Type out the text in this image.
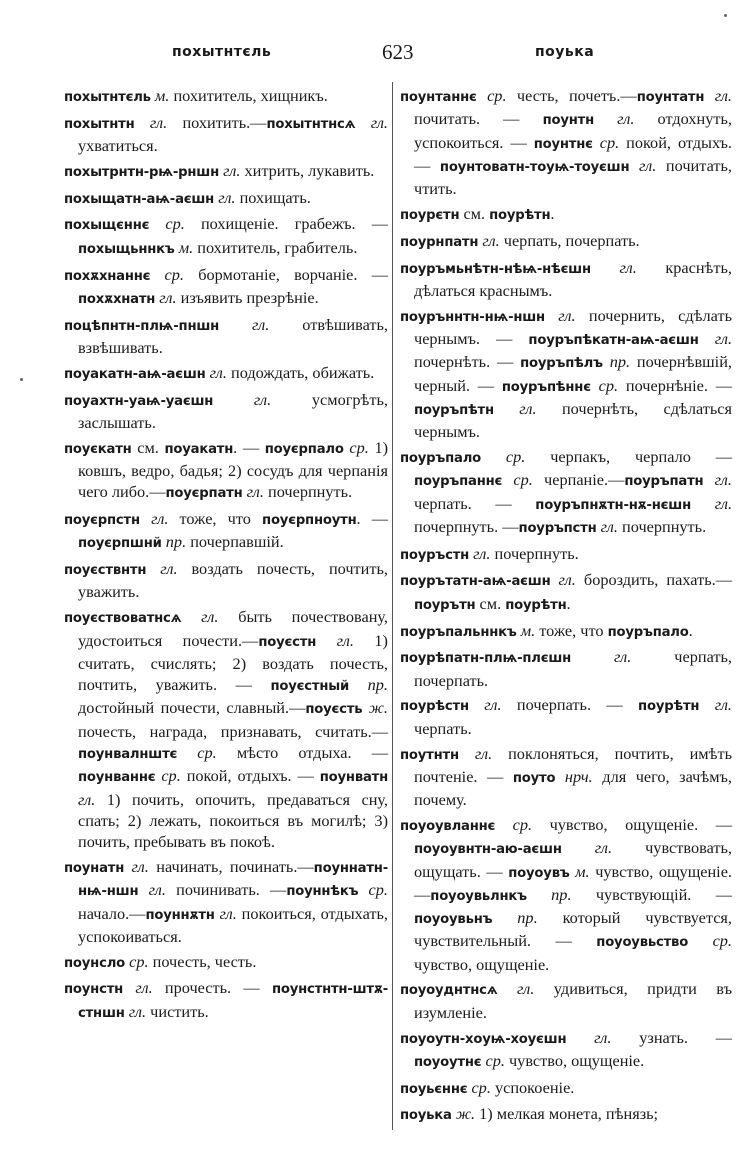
похытнтєль	623	поуька

похытнтєль м. похититель, хищникъ.

похытнтн гл. похитить.—похытнтнсѧ гл. ухватиться.

похытрнтн-рѩ-рншн гл. хитрить, лукавить.

похыщатн-аѩ-аєшн гл. похищать.

похыщєннє ср. похищеніе. грабежъ. — похыщьннкъ м. похититель, грабитель.

похѫхнаннє ср. бормотаніе, ворчаніе. — похѫхнатн гл. изъявить презрѣніе.

поцѣпнтн-плѩ-пншн гл. отвѣшивать, взвѣшивать.

поуакатн-аѩ-аєшн гл. подождать, обижать.

поуахтн-уаѩ-уаєшн гл. усмогрѣть, заслышать.

поуєкатн см. поуакатн. — поуєрпало ср. 1) ковшъ, ведро, бадья; 2) сосудъ для черпанія чего либо.—поуєрпатн гл. почерпнуть.

поуєрпстн гл. тоже, что поуєрпноутн. —поуєрпшнй пр. почерпавшій.

поуєствнтн гл. воздать почесть, почтить, уважить.

поуєствоватнсѧ гл. быть почествовану, удостоиться почести.—поуєстн гл. 1) считать, счислять; 2) воздать почесть, почтить, уважить. — поуєстный пр. достойный почести, славный.—поуєсть ж. почесть, награда, признавать, считать.—поунвалнштє ср. мѣсто отдыха. — поунваннє ср. покой, отдыхъ. — поунватн гл. 1) почить, опочить, предаваться сну, спать; 2) лежать, покоиться въ могилѣ; 3) почить, пребывать въ покоѣ.

поунатн гл. начинать, починать.—поуннатн-нѩ-ншн гл. починивать. —поуннѣкъ ср. начало.—поуннѫтн гл. покоиться, отдыхать, успокоиваться.

поунсло ср. почесть, честь.

поунстн гл. прочесть. — поунстнтн-штѫ-стншн гл. чистить.

поунтаннє ср. честь, почетъ.—поунтатн гл. почитать. — поунтн гл. отдохнуть, успокоиться. — поунтнє ср. покой, отдыхъ. — поунтоватн-тоуѩ-тоуєшн гл. почитать, чтить.

поурєтн см. поурѣтн.

поурнпатн гл. черпать, почерпать.

поуръмьнѣтн-нѣѩ-нѣєшн гл. краснѣть, дѣлаться краснымъ.

поуръннтн-нѩ-ншн гл. почернить, сдѣлать чернымъ. — поуръпѣкатн-аѩ-аєшн гл. почернѣть. — поуръпѣлъ пр. почернѣвшій, черный. — поуръпѣннє ср. почернѣніе. — поуръпѣтн гл. почернѣть, сдѣлаться чернымъ.

поуръпало ср. черпакъ, черпало — поуръпаннє ср. черпаніе.—поуръпатн гл. черпать. — поуръпнѫтн-нѫ-нєшн гл. почерпнуть. —поуръпстн гл. почерпнуть.

поуръстн гл. почерпнуть.

поурътатн-аѩ-аєшн гл. бороздить, пахать.—поурътн см. поурѣтн.

поуръпальннкъ м. тоже, что поуръпало.

поурѣпатн-плѩ-плєшн	гл. черпать, почерпать.

поурѣстн гл. почерпать. — поурѣтн гл. черпать.

поутнтн гл. поклоняться, почтить, имѣть почтеніе. — поуто нрч. для чего, зачѣмъ, почему.

поуоувланнє ср. чувство, ощущеніе. —поуоувнтн-аю-аєшн гл. чувствовать, ощущать. — поуоувъ м. чувство, ощущеніе.—поуоувьлнкъ пр. чувствующій. — поуоувьнъ пр. который чувствуется, чувствительный. — поуоувьство ср. чувство, ощущеніе.

поуоуднтнсѧ гл. удивиться, придти въ изумленіе.

поуоутн-хоуѩ-хоуєшн гл. узнать. — поуоутнє ср. чувство, ощущеніе.

поуьєннє ср. успокоеніе.

поуька ж. 1) мелкая монета, пѣнязь;
